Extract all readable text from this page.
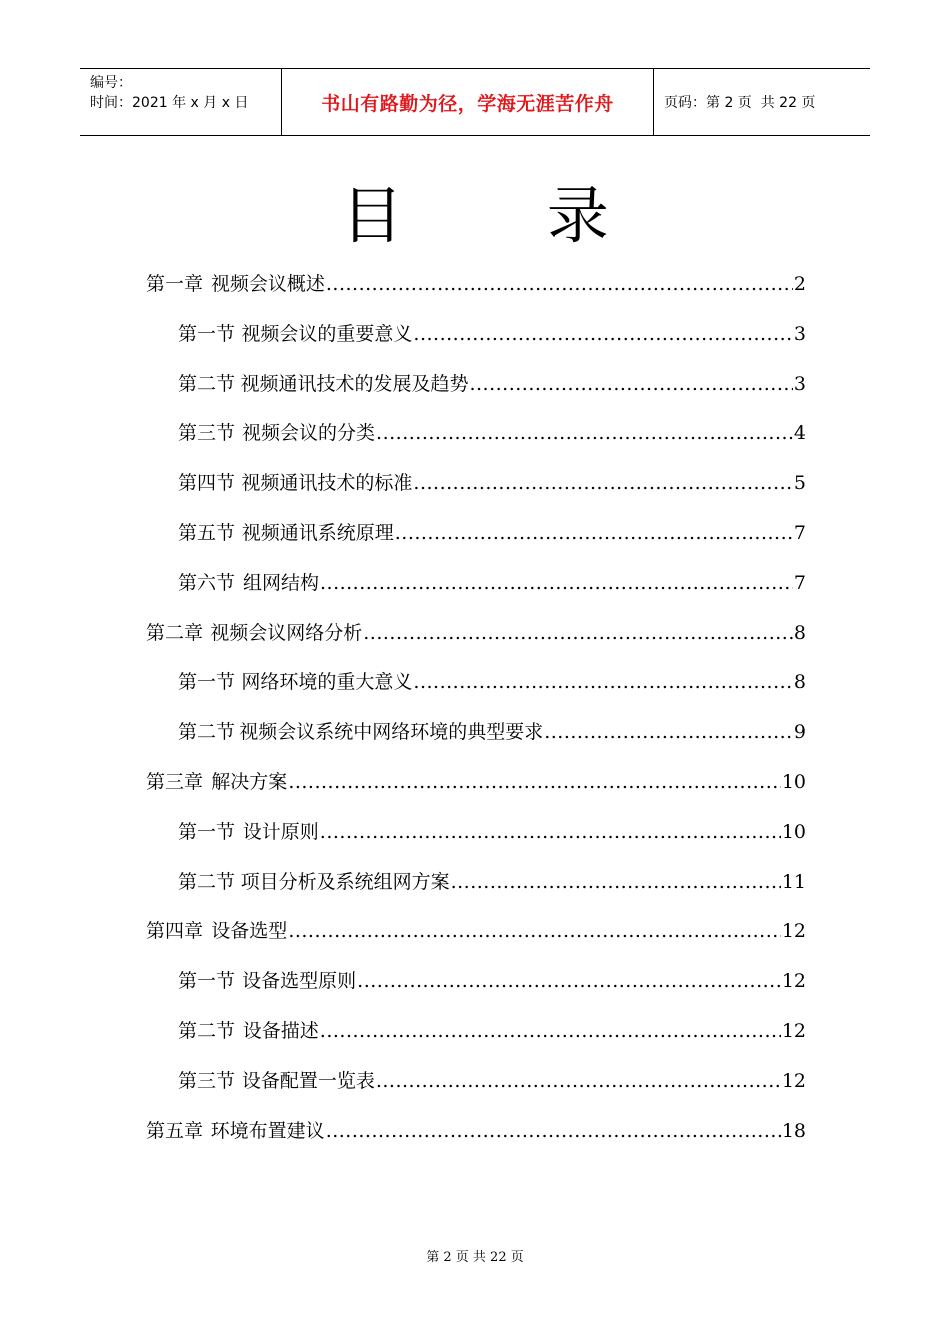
编号：
时间：2021 年 x 月 x 日	书山有路勤为径，学海无涯苦作舟	页码：第 2 页  共 22 页
目 录
第一章 视频会议概述 .....	2
第一节 视频会议的重要意义 .....	3
第二节 视频通讯技术的发展及趋势 .....	3
第三节 视频会议的分类 .....	4
第四节 视频通讯技术的标准 .....	5
第五节 视频通讯系统原理 .....	7
第六节 组网结构 .....	7
第二章 视频会议网络分析 .....	8
第一节 网络环境的重大意义 .....	8
第二节 视频会议系统中网络环境的典型要求 .....	9
第三章 解决方案 .....	10
第一节 设计原则 .....	10
第二节 项目分析及系统组网方案 .....	11
第四章 设备选型 .....	12
第一节 设备选型原则 .....	12
第二节 设备描述 .....	12
第三节 设备配置一览表 .....	12
第五章 环境布置建议 .....	18
第 2 页 共 22 页
